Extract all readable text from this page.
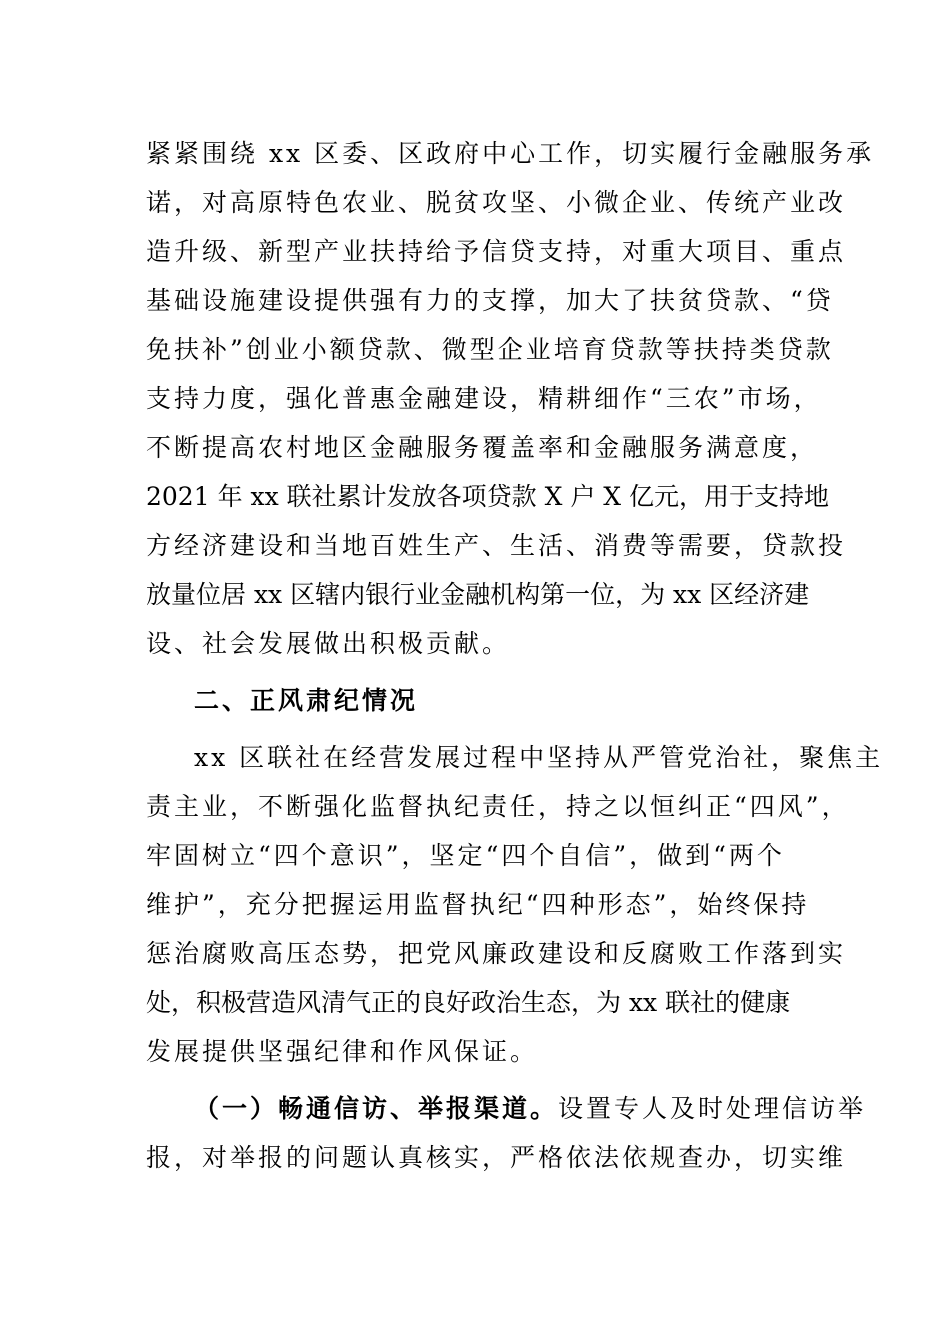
紧紧围绕 xx 区委、区政府中心工作，切实履行金融服务承
诺，对高原特色农业、脱贫攻坚、小微企业、传统产业改
造升级、新型产业扶持给予信贷支持，对重大项目、重点
基础设施建设提供强有力的支撑，加大了扶贫贷款、“贷
免扶补”创业小额贷款、微型企业培育贷款等扶持类贷款
支持力度，强化普惠金融建设，精耕细作“三农”市场，
不断提高农村地区金融服务覆盖率和金融服务满意度，
2021 年 xx 联社累计发放各项贷款 X 户 X 亿元，用于支持地
方经济建设和当地百姓生产、生活、消费等需要，贷款投
放量位居 xx 区辖内银行业金融机构第一位，为 xx 区经济建
设、社会发展做出积极贡献。
二、正风肃纪情况
xx 区联社在经营发展过程中坚持从严管党治社，聚焦主
责主业，不断强化监督执纪责任，持之以恒纠正“四风”，
牢固树立“四个意识”，坚定“四个自信”，做到“两个
维护”，充分把握运用监督执纪“四种形态”，始终保持
惩治腐败高压态势，把党风廉政建设和反腐败工作落到实
处，积极营造风清气正的良好政治生态，为 xx 联社的健康
发展提供坚强纪律和作风保证。
（一）畅通信访、举报渠道。设置专人及时处理信访举
报，对举报的问题认真核实，严格依法依规查办，切实维
